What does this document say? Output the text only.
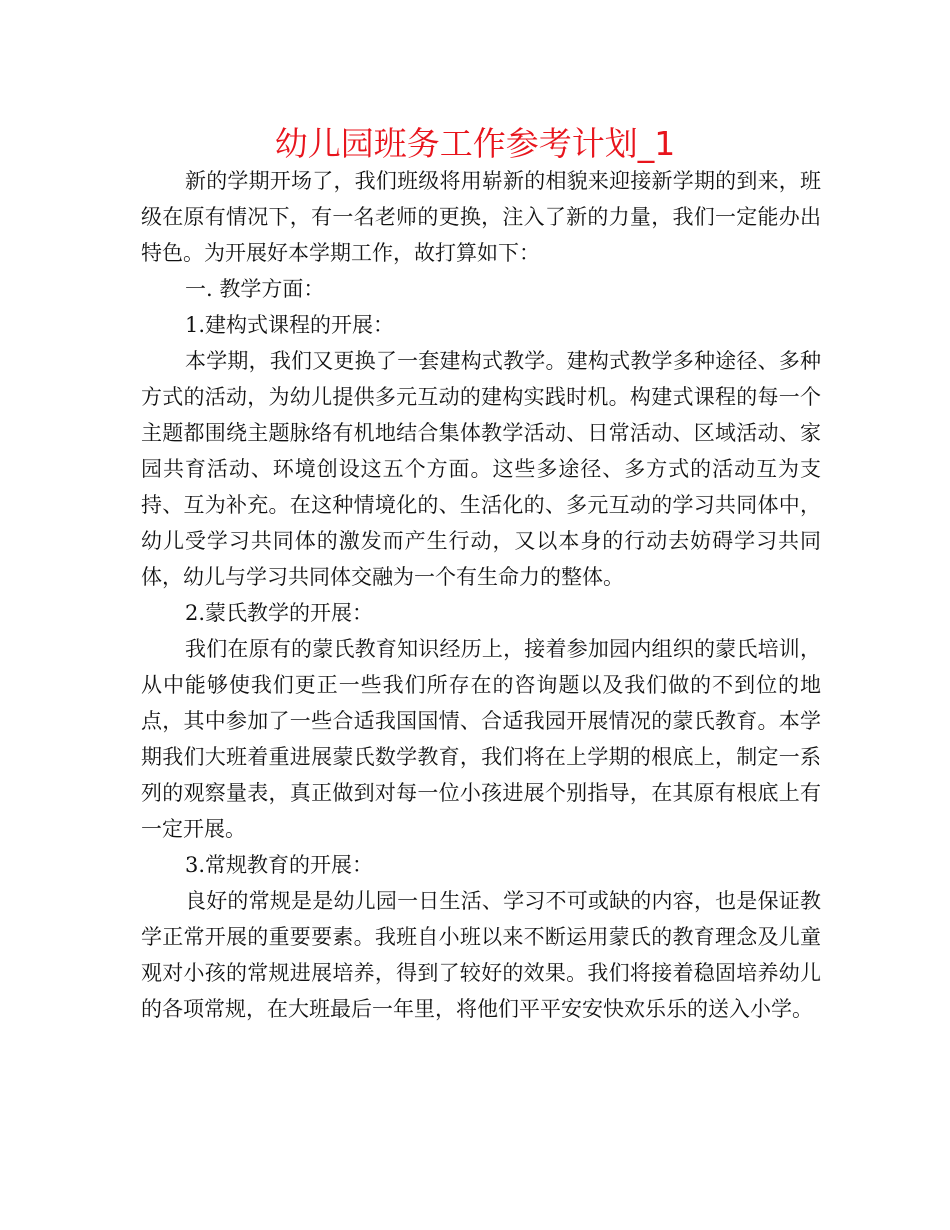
幼儿园班务工作参考计划_1

新的学期开场了，我们班级将用崭新的相貌来迎接新学期的到来，班级在原有情况下，有一名老师的更换，注入了新的力量，我们一定能办出特色。为开展好本学期工作，故打算如下：

一. 教学方面：

1.建构式课程的开展：

本学期，我们又更换了一套建构式教学。建构式教学多种途径、多种方式的活动，为幼儿提供多元互动的建构实践时机。构建式课程的每一个主题都围绕主题脉络有机地结合集体教学活动、日常活动、区域活动、家园共育活动、环境创设这五个方面。这些多途径、多方式的活动互为支持、互为补充。在这种情境化的、生活化的、多元互动的学习共同体中，幼儿受学习共同体的激发而产生行动，又以本身的行动去妨碍学习共同体，幼儿与学习共同体交融为一个有生命力的整体。

2.蒙氏教学的开展：

我们在原有的蒙氏教育知识经历上，接着参加园内组织的蒙氏培训，从中能够使我们更正一些我们所存在的咨询题以及我们做的不到位的地点，其中参加了一些合适我国国情、合适我园开展情况的蒙氏教育。本学期我们大班着重进展蒙氏数学教育，我们将在上学期的根底上，制定一系列的观察量表，真正做到对每一位小孩进展个别指导，在其原有根底上有一定开展。

3.常规教育的开展：

良好的常规是是幼儿园一日生活、学习不可或缺的内容，也是保证教学正常开展的重要要素。我班自小班以来不断运用蒙氏的教育理念及儿童观对小孩的常规进展培养，得到了较好的效果。我们将接着稳固培养幼儿的各项常规，在大班最后一年里，将他们平平安安快欢乐乐的送入小学。
